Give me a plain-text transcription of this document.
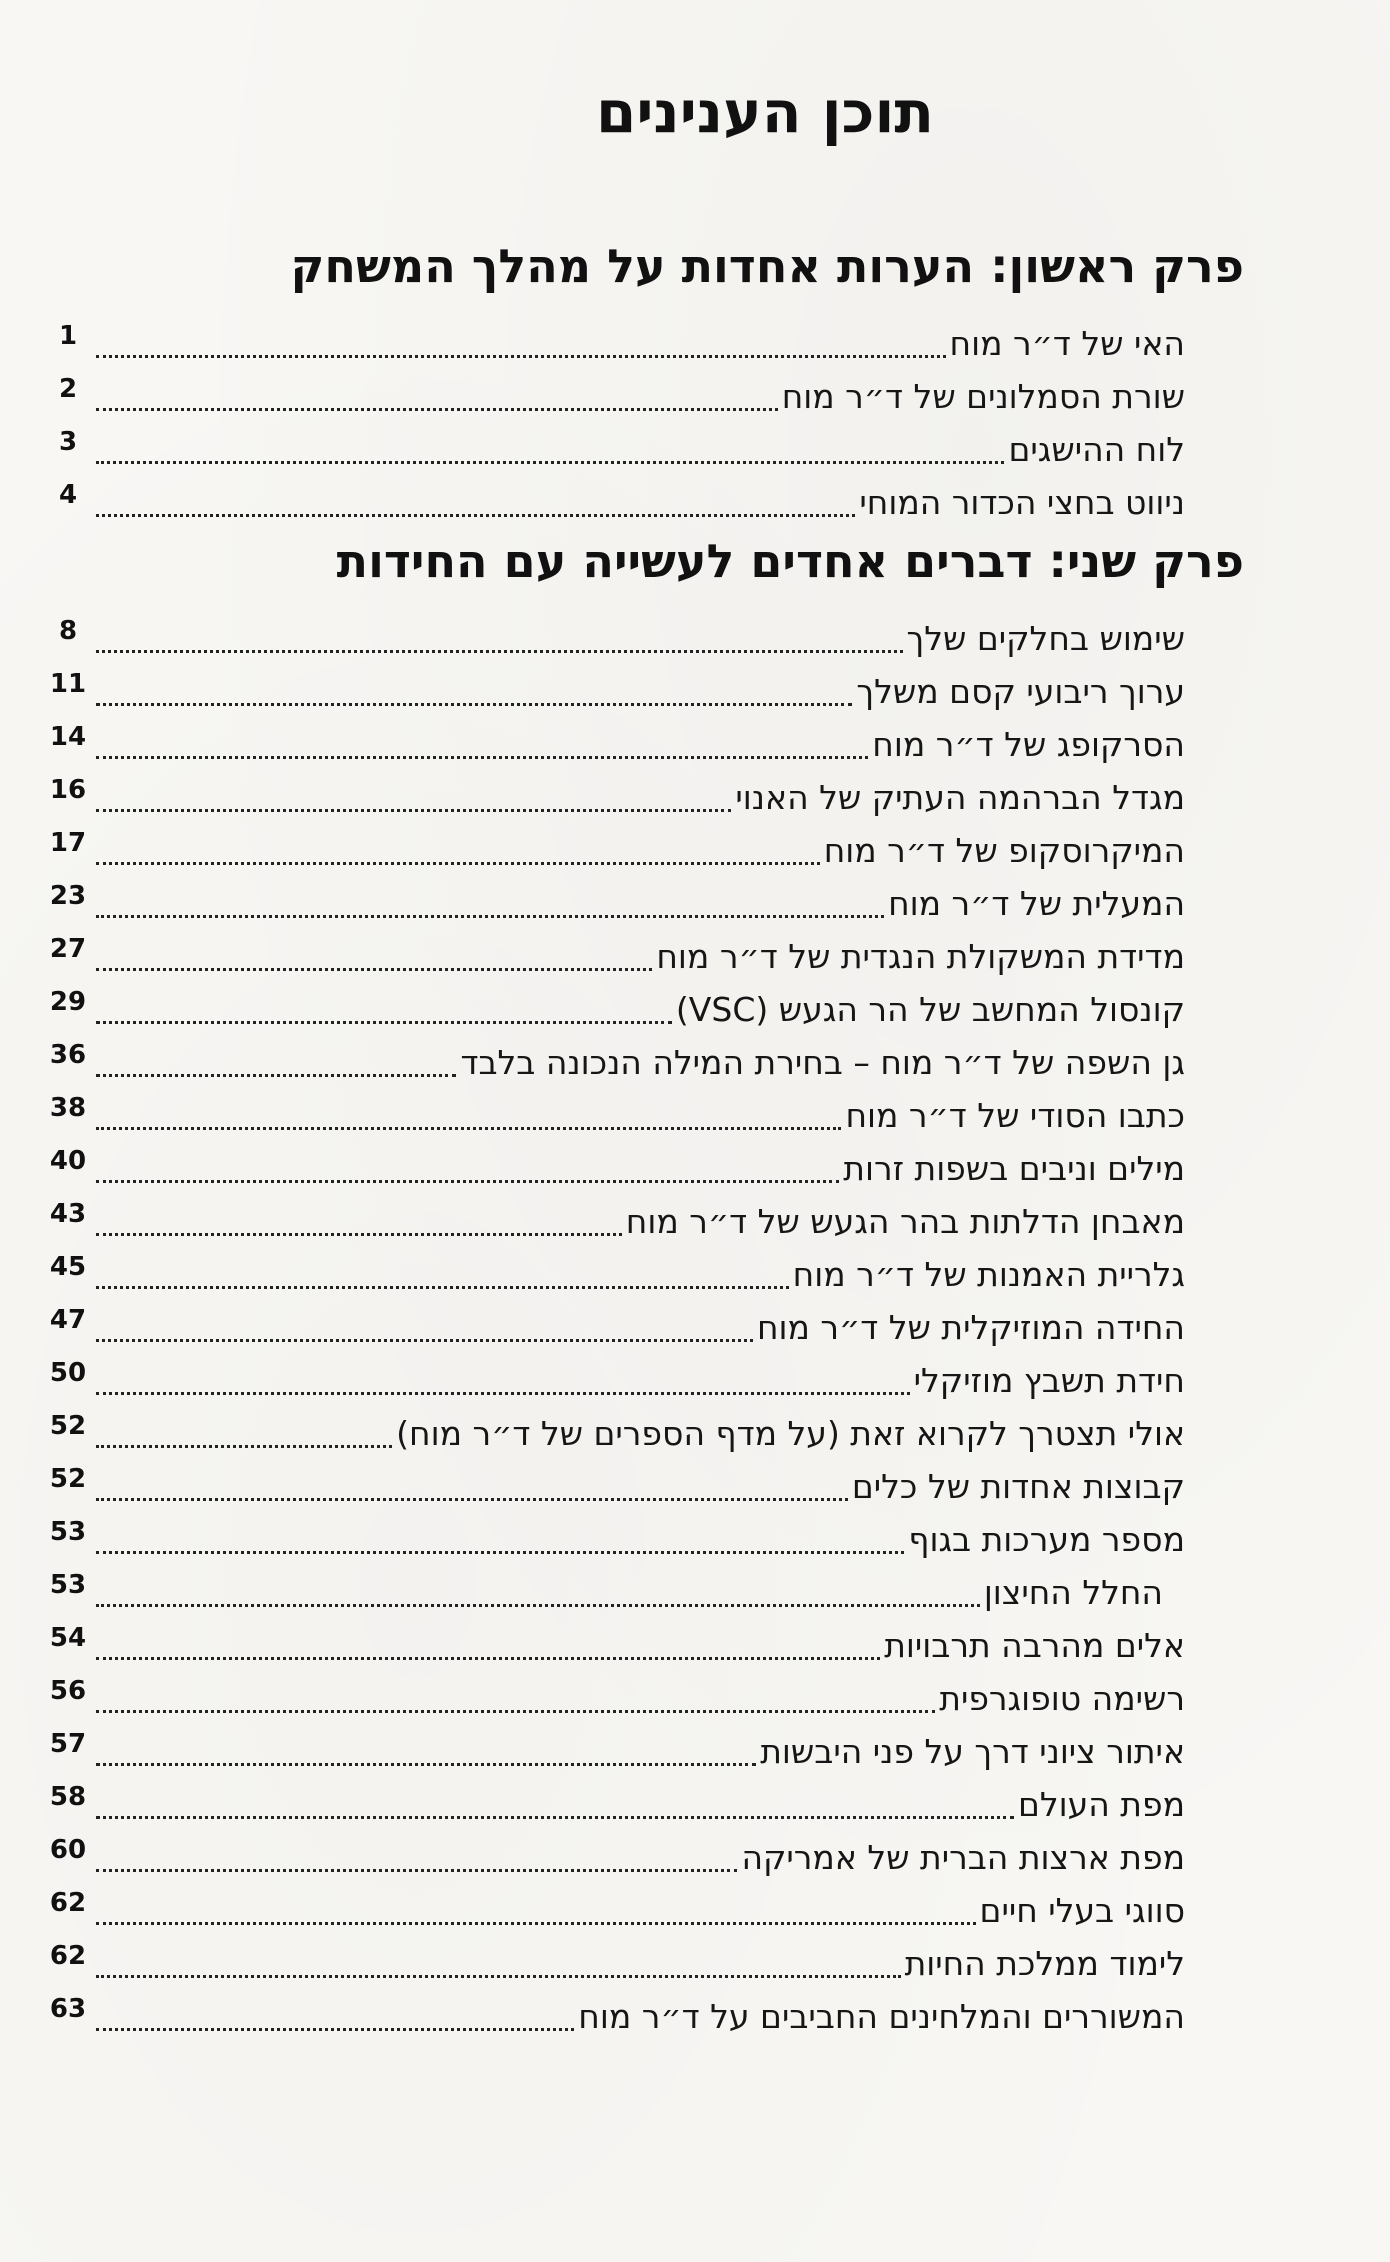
תוכן הענינים
פרק ראשון: הערות אחדות על מהלך המשחק
האי של ד״ר מוח
1
שורת הסמלונים של ד״ר מוח
2
לוח ההישגים
3
ניווט בחצי הכדור המוחי
4
פרק שני: דברים אחדים לעשייה עם החידות
שימוש בחלקים שלך
8
ערוך ריבועי קסם משלך
11
הסרקופג של ד״ר מוח
14
מגדל הברהמה העתיק של האנוי
16
המיקרוסקופ של ד״ר מוח
17
המעלית של ד״ר מוח
23
מדידת המשקולת הנגדית של ד״ר מוח
27
קונסול המחשב של הר הגעש (VSC)
29
גן השפה של ד״ר מוח – בחירת המילה הנכונה בלבד
36
כתבו הסודי של ד״ר מוח
38
מילים וניבים בשפות זרות
40
מאבחן הדלתות בהר הגעש של ד״ר מוח
43
גלריית האמנות של ד״ר מוח
45
החידה המוזיקלית של ד״ר מוח
47
חידת תשבץ מוזיקלי
50
אולי תצטרך לקרוא זאת (על מדף הספרים של ד״ר מוח)
52
קבוצות אחדות של כלים
52
מספר מערכות בגוף
53
החלל החיצון
53
אלים מהרבה תרבויות
54
רשימה טופוגרפית
56
איתור ציוני דרך על פני היבשות
57
מפת העולם
58
מפת ארצות הברית של אמריקה
60
סווגי בעלי חיים
62
לימוד ממלכת החיות
62
המשוררים והמלחינים החביבים על ד״ר מוח
63
